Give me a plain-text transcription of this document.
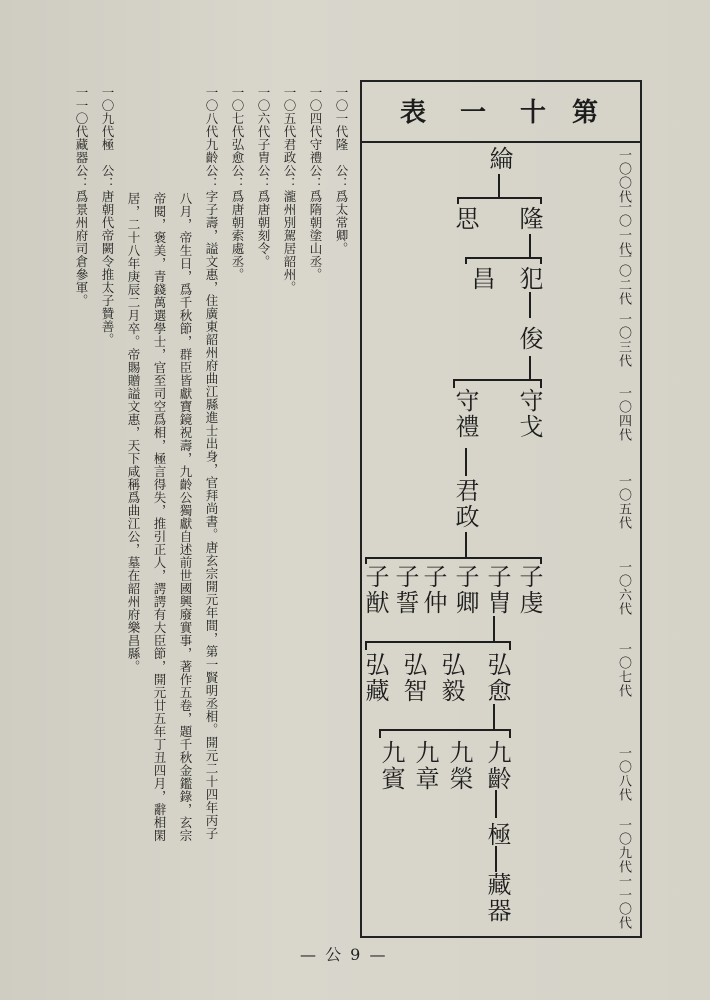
一〇一代隆　公：爲太常卿。
一〇四代守禮公：爲隋朝塗山丞。
一〇五代君政公：瀧州別駕居韶州。
一〇六代子胄公：爲唐朝刻令。
一〇七代弘愈公：爲唐朝索處丞。
一〇八代九齡公：字子壽，謚文惠，住廣東韶州府曲江縣進士出身，官拜尚書。唐玄宗開元年間，第一賢明丞相。開元二十四年丙子
八月，帝生日，爲千秋節，群臣皆獻寶鏡祝壽，九齡公獨獻自述前世國興廢實事，著作五卷，題千秋金鑑錄，玄宗
帝閱，褒美，青錢萬選學士，官至司空爲相，極言得失，推引正人，諤諤有大臣節，開元廿五年丁丑四月，辭相閑
居，二十八年庚辰二月卒。帝賜贈謚文惠，天下咸稱爲曲江公，墓在韶州府樂昌縣。
一〇九代極　公：唐朝代帝闕令推太子贊善。
一一〇代藏器公：爲景州府司倉參軍。	第
十
一
表
一〇〇代
一〇一代
一〇二代
一〇三代
一〇四代
一〇五代
一〇六代
一〇七代
一〇八代
一〇九代
一一〇代
綸
隆
思
犯
昌
俊
守戈
守禮
君政
子虔
子胄
子卿
子仲
子誓
子猷
弘愈
弘毅
弘智
弘藏
九齡
九榮
九章
九賓
極
藏器
— 公 9 —
